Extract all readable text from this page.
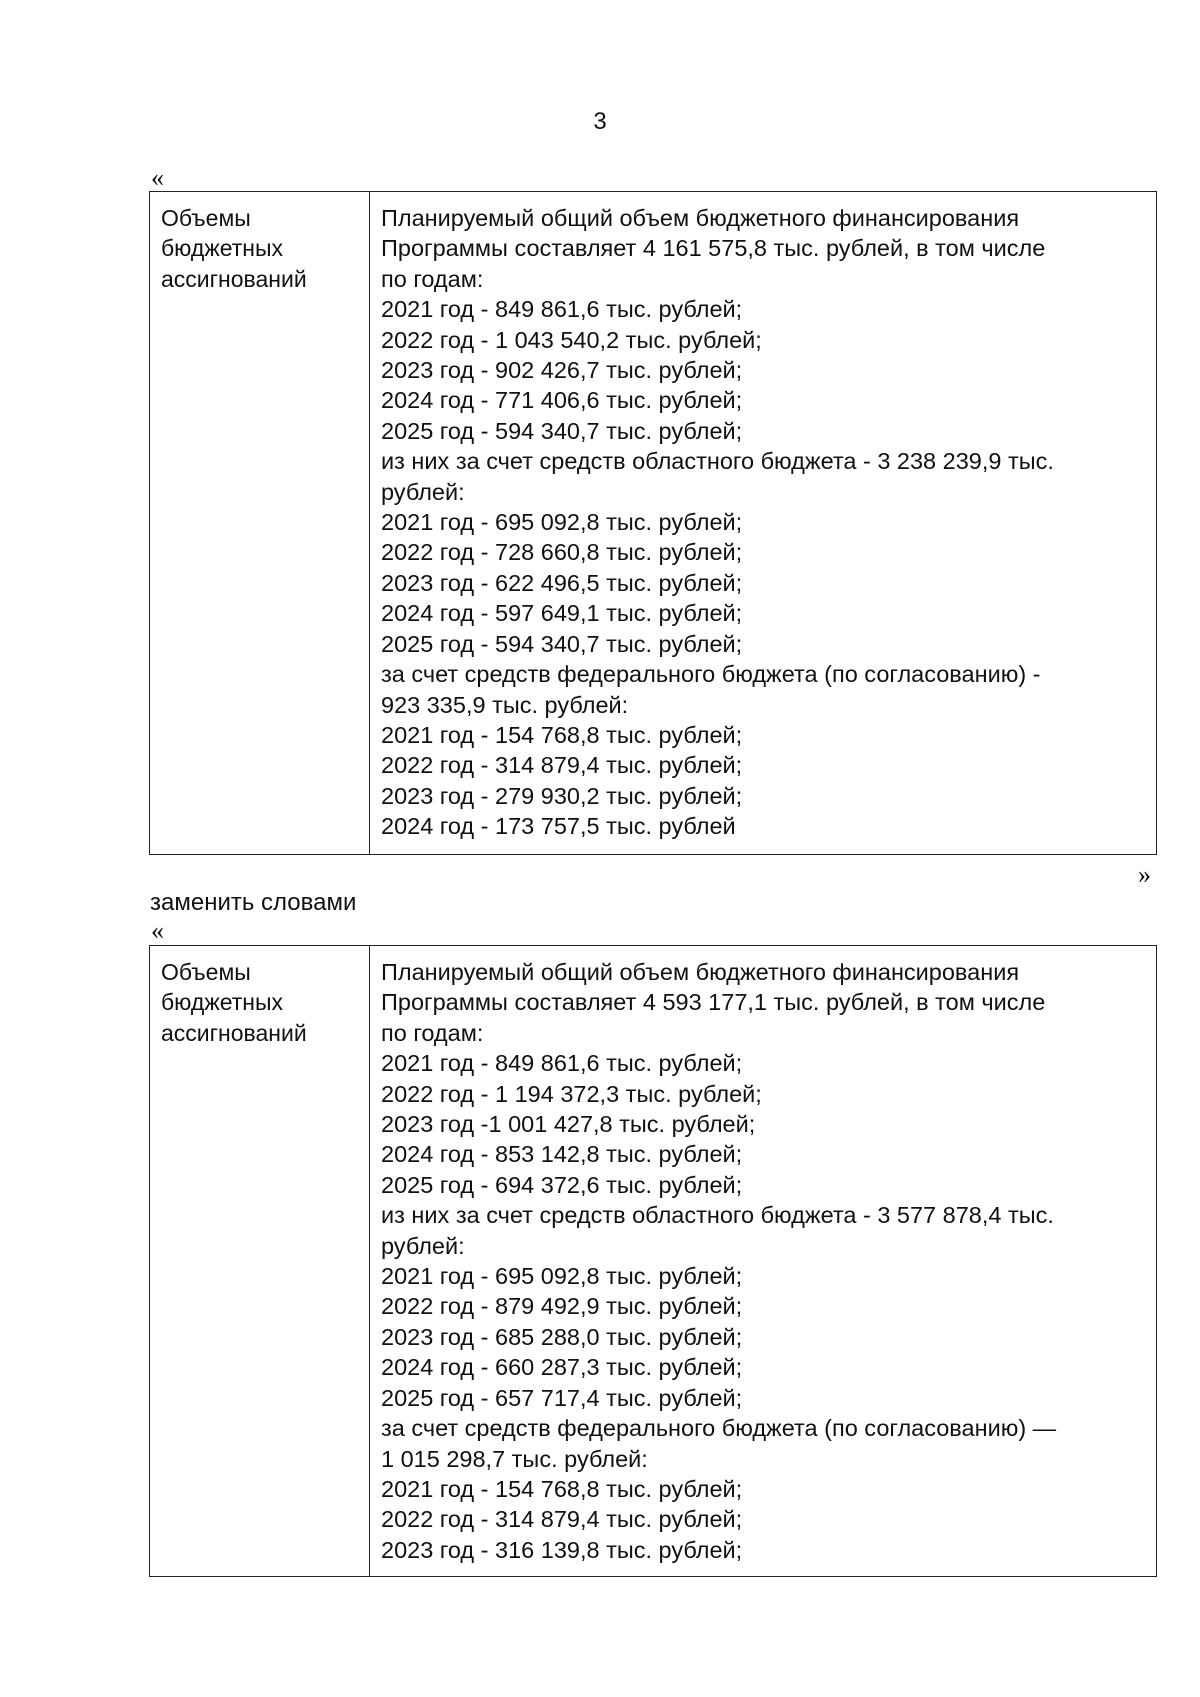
3
«
Объемы
бюджетных
ассигнований
Планируемый общий объем бюджетного финансирования
Программы составляет 4 161 575,8 тыс. рублей, в том числе
по годам:
2021 год - 849 861,6 тыс. рублей;
2022 год - 1 043 540,2 тыс. рублей;
2023 год - 902 426,7 тыс. рублей;
2024 год - 771 406,6 тыс. рублей;
2025 год - 594 340,7 тыс. рублей;
из них за счет средств областного бюджета - 3 238 239,9 тыс.
рублей:
2021 год - 695 092,8 тыс. рублей;
2022 год - 728 660,8 тыс. рублей;
2023 год - 622 496,5 тыс. рублей;
2024 год - 597 649,1 тыс. рублей;
2025 год - 594 340,7 тыс. рублей;
за счет средств федерального бюджета (по согласованию) -
923 335,9 тыс. рублей:
2021 год - 154 768,8 тыс. рублей;
2022 год - 314 879,4 тыс. рублей;
2023 год - 279 930,2 тыс. рублей;
2024 год - 173 757,5 тыс. рублей
»
заменить словами
«
Объемы
бюджетных
ассигнований
Планируемый общий объем бюджетного финансирования
Программы составляет 4 593 177,1 тыс. рублей, в том числе
по годам:
2021 год - 849 861,6 тыс. рублей;
2022 год - 1 194 372,3 тыс. рублей;
2023 год -1 001 427,8 тыс. рублей;
2024 год - 853 142,8 тыс. рублей;
2025 год - 694 372,6 тыс. рублей;
из них за счет средств областного бюджета - 3 577 878,4 тыс.
рублей:
2021 год - 695 092,8 тыс. рублей;
2022 год - 879 492,9 тыс. рублей;
2023 год - 685 288,0 тыс. рублей;
2024 год - 660 287,3 тыс. рублей;
2025 год - 657 717,4 тыс. рублей;
за счет средств федерального бюджета (по согласованию) —
1 015 298,7 тыс. рублей:
2021 год - 154 768,8 тыс. рублей;
2022 год - 314 879,4 тыс. рублей;
2023 год - 316 139,8 тыс. рублей;
